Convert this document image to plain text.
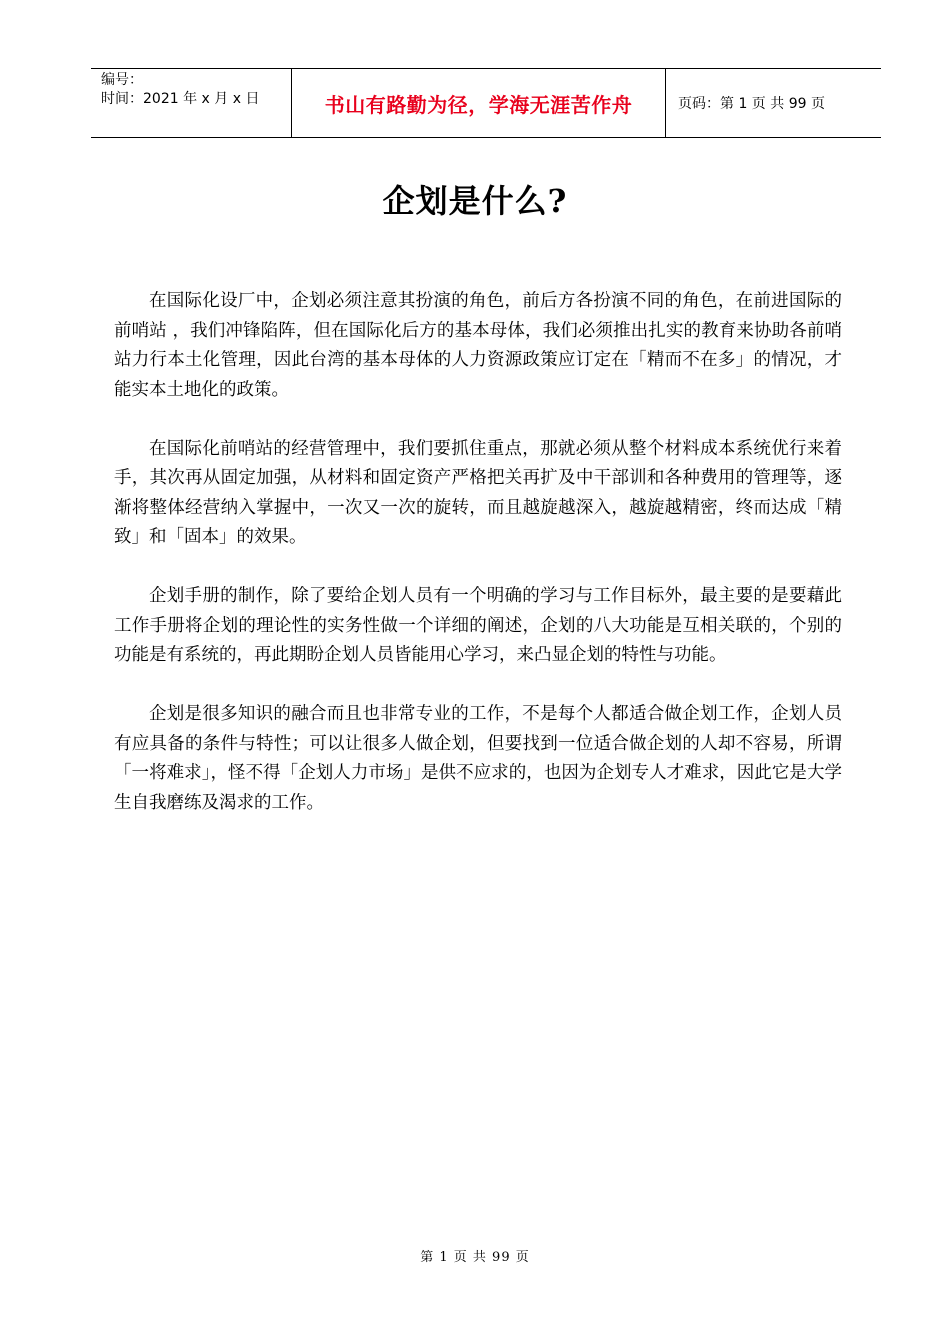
编号：
时间：2021 年 x 月 x 日	书山有路勤为径，学海无涯苦作舟	页码：第 1 页 共 99 页
企划是什么?

在国际化设厂中，企划必须注意其扮演的角色，前后方各扮演不同的角色，在前进国际的前哨站 ，我们冲锋陷阵，但在国际化后方的基本母体，我们必须推出扎实的教育来协助各前哨站力行本土化管理，因此台湾的基本母体的人力资源政策应订定在「精而不在多」的情况，才能实本土地化的政策。

在国际化前哨站的经营管理中，我们要抓住重点，那就必须从整个材料成本系统优行来着手，其次再从固定加强，从材料和固定资产严格把关再扩及中干部训和各种费用的管理等，逐渐将整体经营纳入掌握中，一次又一次的旋转，而且越旋越深入，越旋越精密，终而达成「精致」和「固本」的效果。

企划手册的制作，除了要给企划人员有一个明确的学习与工作目标外，最主要的是要藉此工作手册将企划的理论性的实务性做一个详细的阐述，企划的八大功能是互相关联的，个别的功能是有系统的，再此期盼企划人员皆能用心学习，来凸显企划的特性与功能。

企划是很多知识的融合而且也非常专业的工作，不是每个人都适合做企划工作，企划人员有应具备的条件与特性；可以让很多人做企划，但要找到一位适合做企划的人却不容易，所谓「一将难求」，怪不得「企划人力市场」是供不应求的，也因为企划专人才难求，因此它是大学生自我磨练及渴求的工作。

第 1 页 共 99 页
